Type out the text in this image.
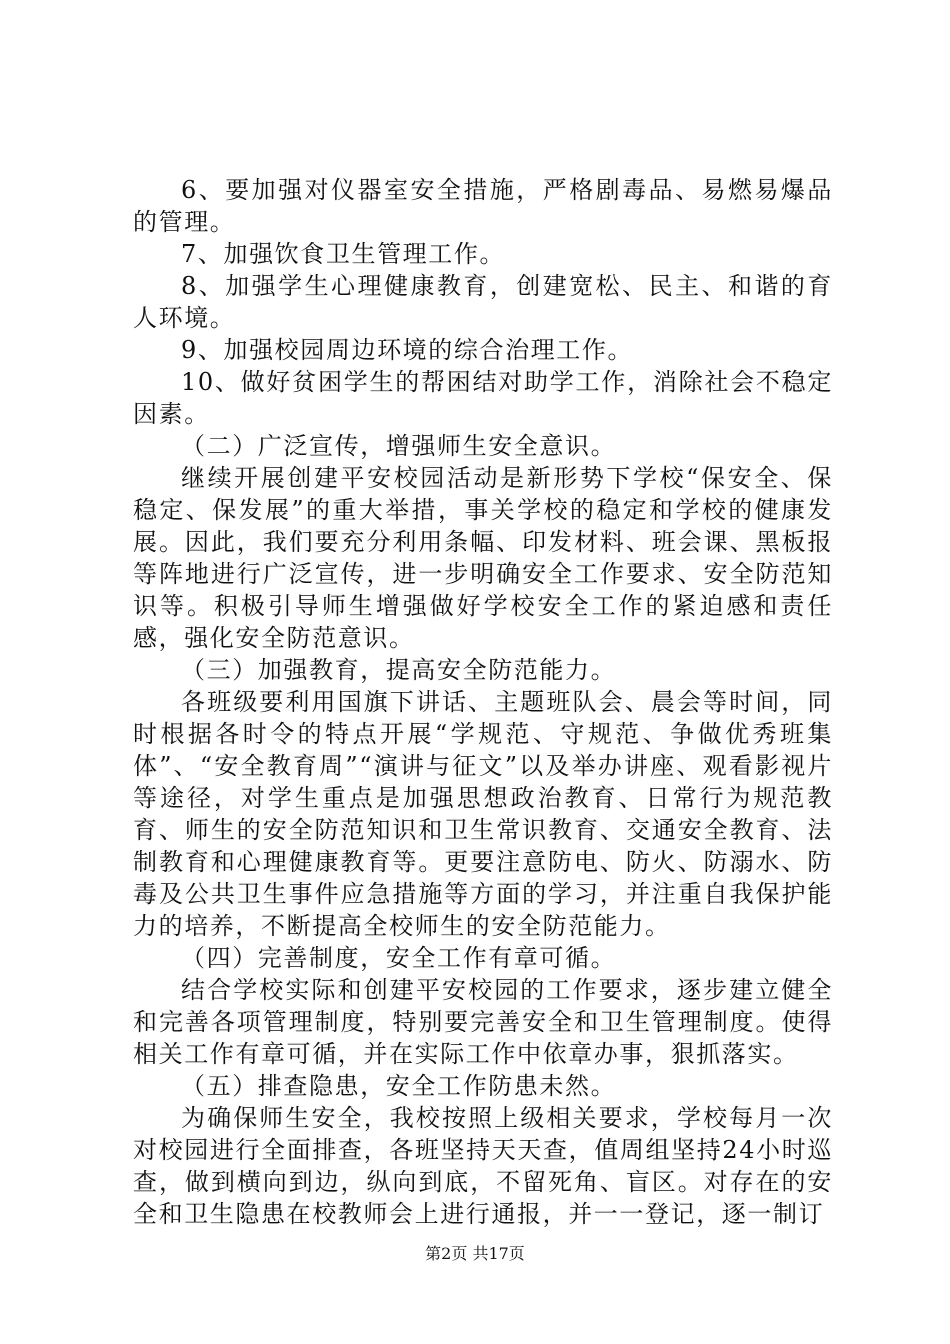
6、要加强对仪器室安全措施，严格剧毒品、易燃易爆品的管理。

7、加强饮食卫生管理工作。

8、加强学生心理健康教育，创建宽松、民主、和谐的育人环境。

9、加强校园周边环境的综合治理工作。

10、做好贫困学生的帮困结对助学工作，消除社会不稳定因素。

（二）广泛宣传，增强师生安全意识。

继续开展创建平安校园活动是新形势下学校“保安全、保稳定、保发展”的重大举措，事关学校的稳定和学校的健康发展。因此，我们要充分利用条幅、印发材料、班会课、黑板报等阵地进行广泛宣传，进一步明确安全工作要求、安全防范知识等。积极引导师生增强做好学校安全工作的紧迫感和责任感，强化安全防范意识。

（三）加强教育，提高安全防范能力。

各班级要利用国旗下讲话、主题班队会、晨会等时间，同时根据各时令的特点开展“学规范、守规范、争做优秀班集体”、“安全教育周”“演讲与征文”以及举办讲座、观看影视片等途径，对学生重点是加强思想政治教育、日常行为规范教育、师生的安全防范知识和卫生常识教育、交通安全教育、法制教育和心理健康教育等。更要注意防电、防火、防溺水、防毒及公共卫生事件应急措施等方面的学习，并注重自我保护能力的培养，不断提高全校师生的安全防范能力。

（四）完善制度，安全工作有章可循。

结合学校实际和创建平安校园的工作要求，逐步建立健全和完善各项管理制度，特别要完善安全和卫生管理制度。使得相关工作有章可循，并在实际工作中依章办事，狠抓落实。

（五）排查隐患，安全工作防患未然。

为确保师生安全，我校按照上级相关要求，学校每月一次对校园进行全面排查，各班坚持天天查，值周组坚持24小时巡查，做到横向到边，纵向到底，不留死角、盲区。对存在的安全和卫生隐患在校教师会上进行通报，并一一登记，逐一制订

第2页 共17页
